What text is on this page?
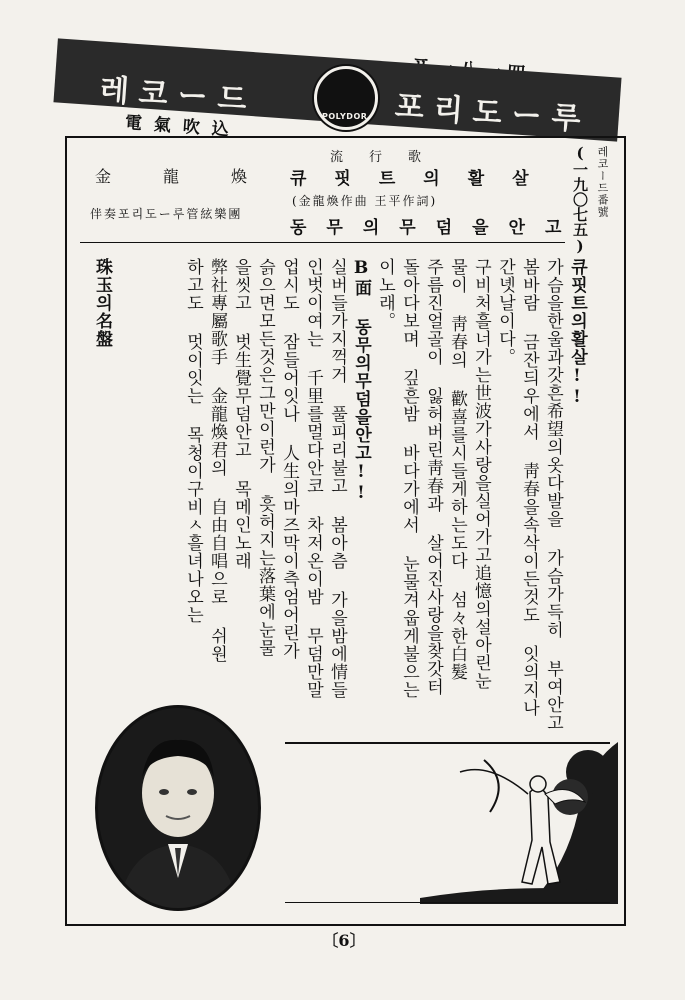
레코ー드	포리도ー루
POLYDOR
電氣吹込
레코ー드番號
(一九〇七五)
流行歌
큐핏트의활살
金龍煥
(金龍煥作曲 王平作詞)
동무의무덤을안고
伴奏포리도ー루管絃樂團
큐핏트의활살!!
가슴을한울과갓흔希望의옷다발을 가슴가득히 부여안고
봄바람 금잔듸우에서 靑春을속삭이든것도 잇의지나
간녯날이다。
구비처흘너가는世波가사랑을실어가고追憶의설아린눈
물이 靑春의 歡喜를시들게하는도다 섬々한白髮
주름진얼골이 잃허버린靑春과 살어진사랑을찾갓터
돌아다보며 깊흔밤 바다가에서 눈물겨웁게불으는
이노래。
B面 동무의무덤을안고!!
실버들가지꺽거 풀피리불고 봄아츰 가을밤에情들
인벗이여는 千里를멀다안코 차저온이밤 무덤만말
업시도 잠들어잇나 人生의마즈막이측엄어린가
슭으면모든것은그만이런가 흣허지는落葉에눈물
을씻고 벗生覺무덤안고 목메인노래
弊社專屬歌手 金龍煥君의 自由自唱으로 쉬원
하고도 멋이잇는 목청이구비ㅅ흘녀나오는
珠玉의名盤
〔6〕
